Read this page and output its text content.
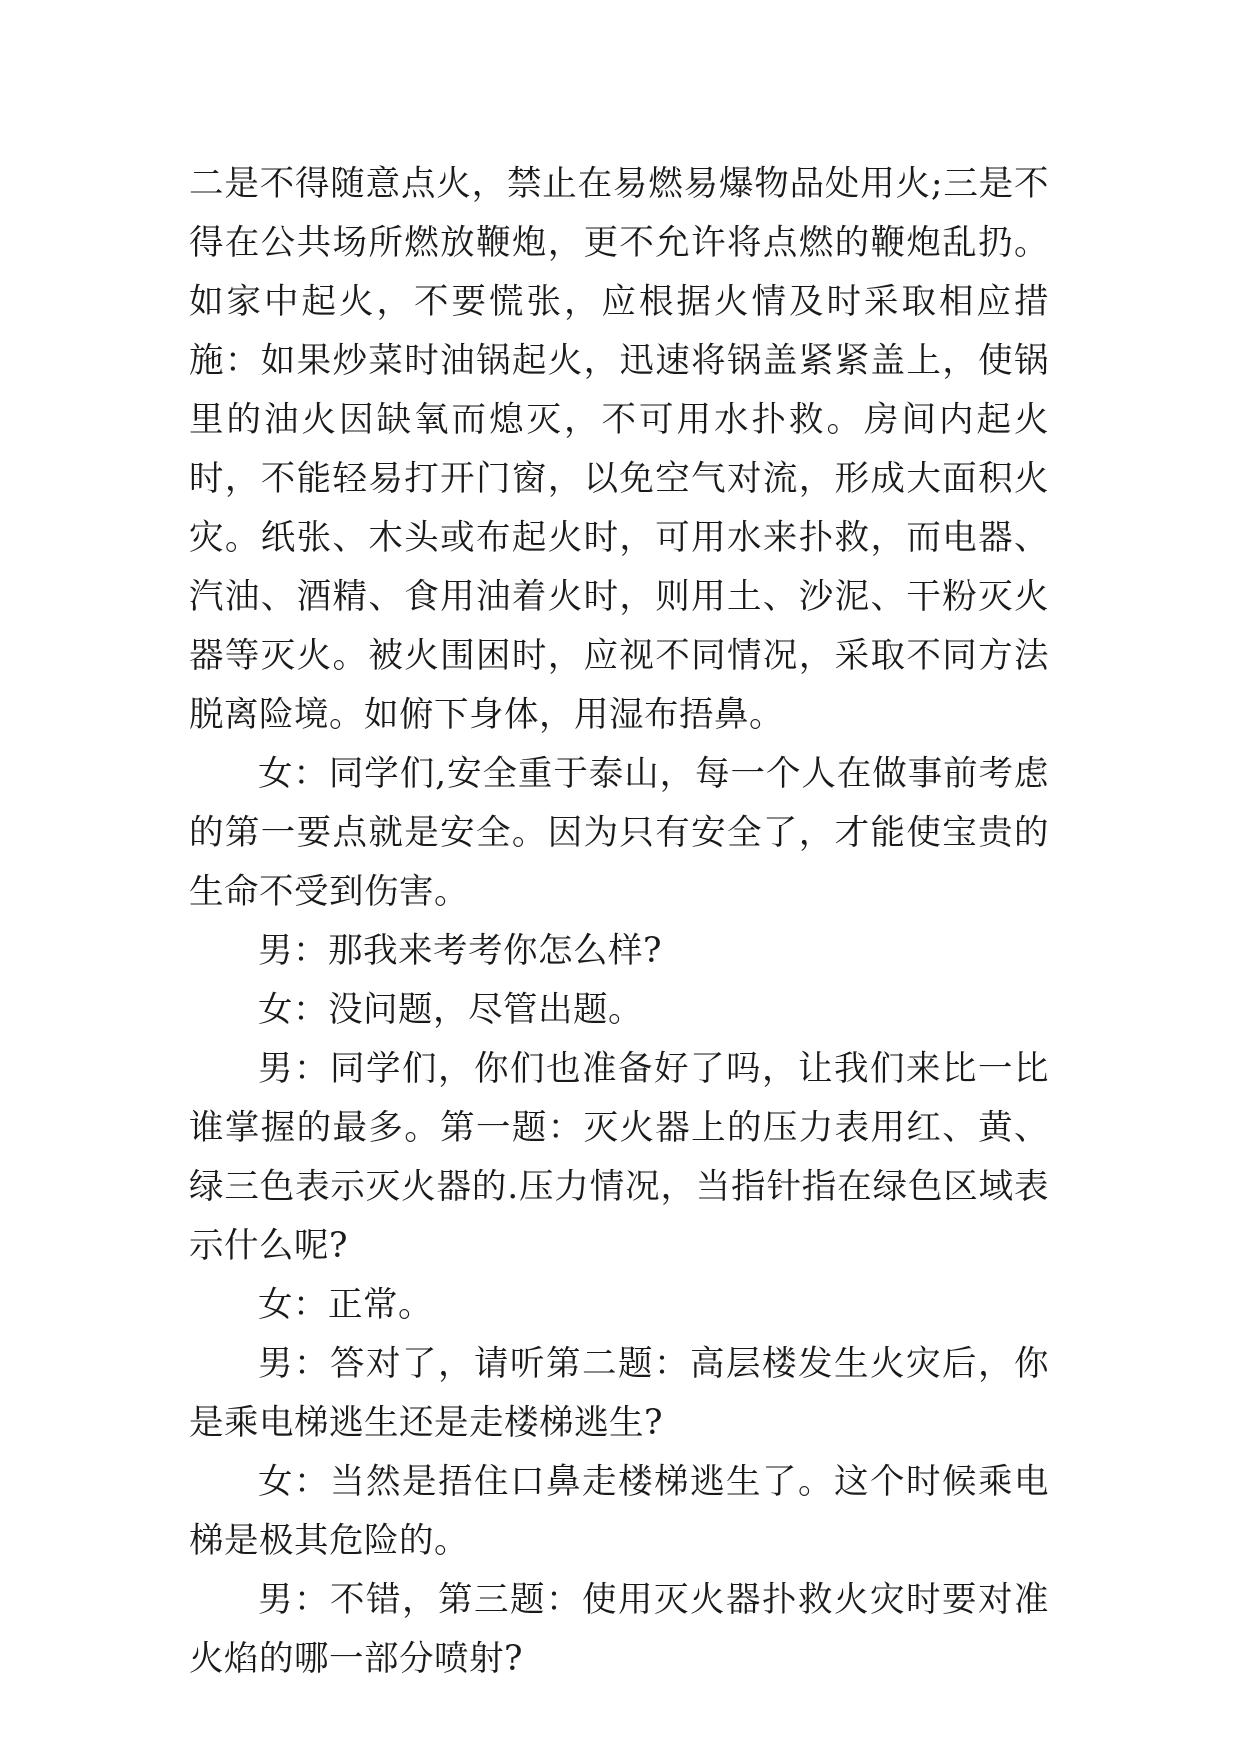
二是不得随意点火，禁止在易燃易爆物品处用火;三是不得在公共场所燃放鞭炮，更不允许将点燃的鞭炮乱扔。如家中起火，不要慌张，应根据火情及时采取相应措施：如果炒菜时油锅起火，迅速将锅盖紧紧盖上，使锅里的油火因缺氧而熄灭，不可用水扑救。房间内起火时，不能轻易打开门窗，以免空气对流，形成大面积火灾。纸张、木头或布起火时，可用水来扑救，而电器、汽油、酒精、食用油着火时，则用土、沙泥、干粉灭火器等灭火。被火围困时，应视不同情况，采取不同方法脱离险境。如俯下身体，用湿布捂鼻。

女：同学们,安全重于泰山，每一个人在做事前考虑的第一要点就是安全。因为只有安全了，才能使宝贵的生命不受到伤害。

男：那我来考考你怎么样?

女：没问题，尽管出题。

男：同学们，你们也准备好了吗，让我们来比一比谁掌握的最多。第一题：灭火器上的压力表用红、黄、绿三色表示灭火器的.压力情况，当指针指在绿色区域表示什么呢?

女：正常。

男：答对了，请听第二题：高层楼发生火灾后，你是乘电梯逃生还是走楼梯逃生?

女：当然是捂住口鼻走楼梯逃生了。这个时候乘电梯是极其危险的。

男：不错，第三题：使用灭火器扑救火灾时要对准火焰的哪一部分喷射?
